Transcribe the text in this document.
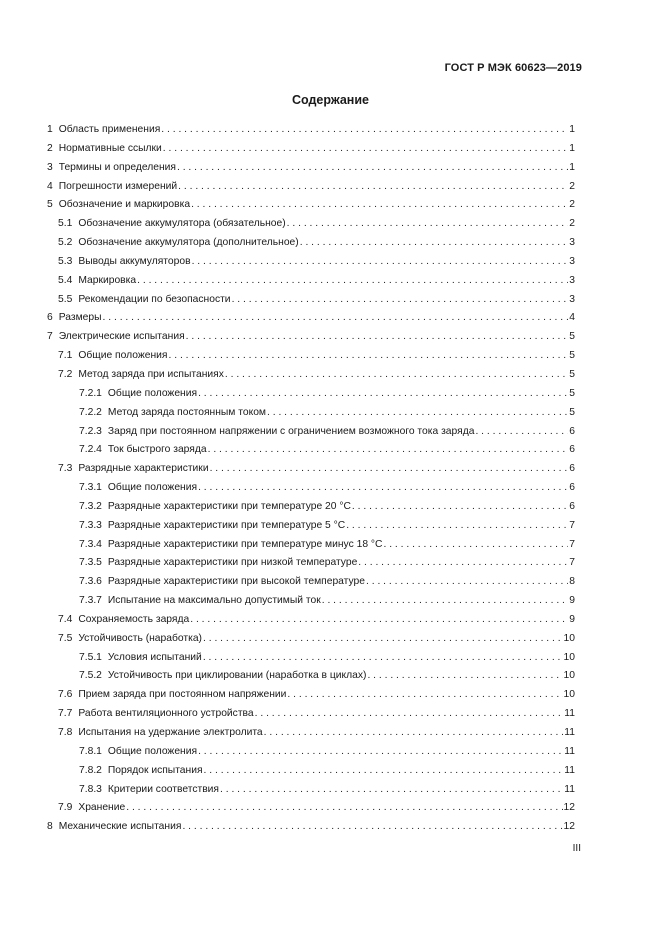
ГОСТ Р МЭК 60623—2019
Содержание
1 Область применения . . .	1
2 Нормативные ссылки . . .	1
3 Термины и определения . . .	1
4 Погрешности измерений . . .	2
5 Обозначение и маркировка . . .	2
5.1 Обозначение аккумулятора (обязательное) . . .	2
5.2 Обозначение аккумулятора (дополнительное) . . .	3
5.3 Выводы аккумуляторов . . .	3
5.4 Маркировка . . .	3
5.5 Рекомендации по безопасности . . .	3
6 Размеры . . .	4
7 Электрические испытания . . .	5
7.1 Общие положения . . .	5
7.2 Метод заряда при испытаниях . . .	5
7.2.1 Общие положения . . .	5
7.2.2 Метод заряда постоянным током . . .	5
7.2.3 Заряд при постоянном напряжении с ограничением возможного тока заряда . . .	6
7.2.4 Ток быстрого заряда . . .	6
7.3 Разрядные характеристики . . .	6
7.3.1 Общие положения . . .	6
7.3.2 Разрядные характеристики при температуре 20 °С . . .	6
7.3.3 Разрядные характеристики при температуре 5 °С . . .	7
7.3.4 Разрядные характеристики при температуре минус 18 °С . . .	7
7.3.5 Разрядные характеристики при низкой температуре . . .	7
7.3.6 Разрядные характеристики при высокой температуре . . .	8
7.3.7 Испытание на максимально допустимый ток . . .	9
7.4 Сохраняемость заряда . . .	9
7.5 Устойчивость (наработка) . . .	10
7.5.1 Условия испытаний . . .	10
7.5.2 Устойчивость при циклировании (наработка в циклах) . . .	10
7.6 Прием заряда при постоянном напряжении . . .	10
7.7 Работа вентиляционного устройства . . .	11
7.8 Испытания на удержание электролита . . .	11
7.8.1 Общие положения . . .	11
7.8.2 Порядок испытания . . .	11
7.8.3 Критерии соответствия . . .	11
7.9 Хранение . . .	12
8 Механические испытания . . .	12
III
